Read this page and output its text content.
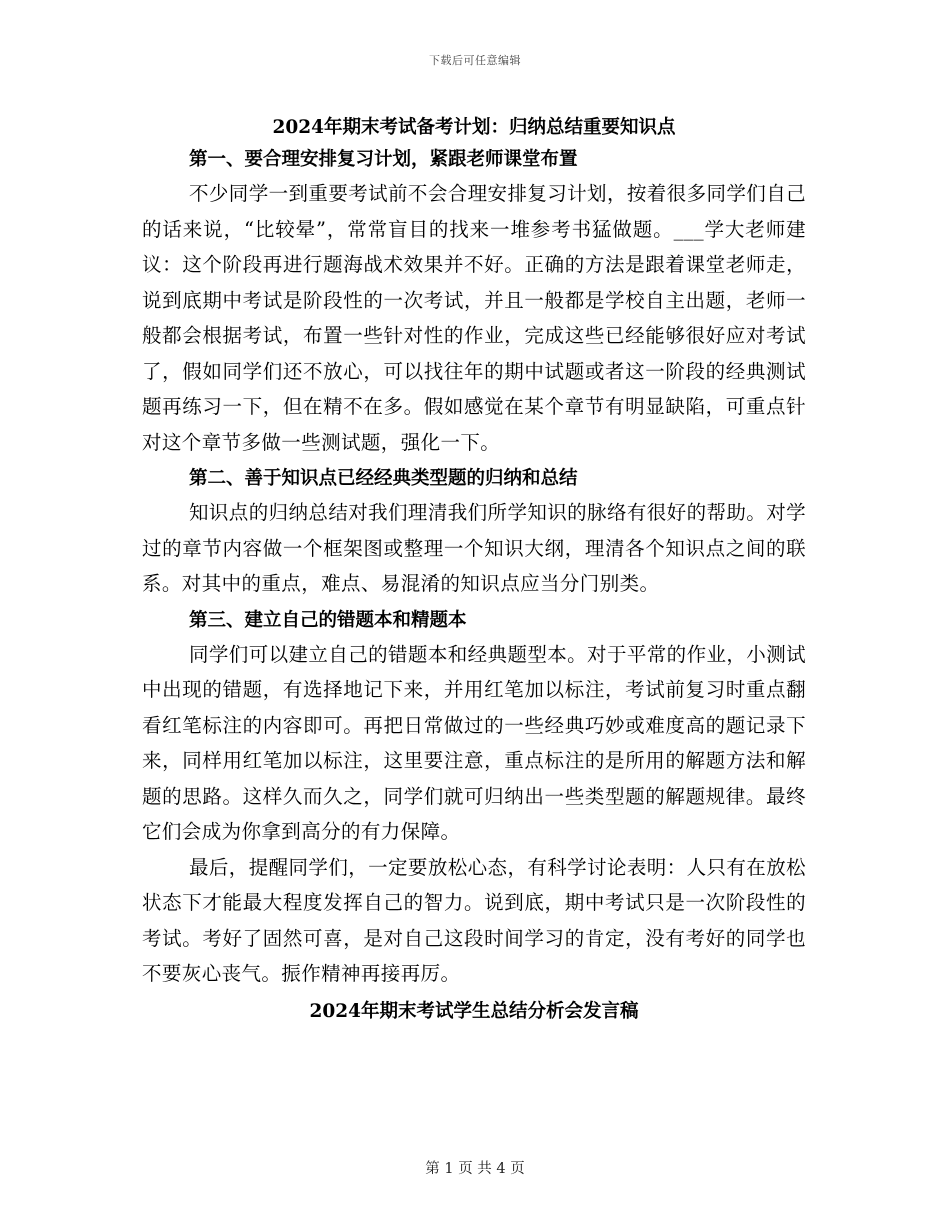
下载后可任意编辑
2024年期末考试备考计划：归纳总结重要知识点
第一、要合理安排复习计划，紧跟老师课堂布置

不少同学一到重要考试前不会合理安排复习计划，按着很多同学们自己的话来说，“比较晕”，常常盲目的找来一堆参考书猛做题。___学大老师建议：这个阶段再进行题海战术效果并不好。正确的方法是跟着课堂老师走，说到底期中考试是阶段性的一次考试，并且一般都是学校自主出题，老师一般都会根据考试，布置一些针对性的作业，完成这些已经能够很好应对考试了，假如同学们还不放心，可以找往年的期中试题或者这一阶段的经典测试题再练习一下，但在精不在多。假如感觉在某个章节有明显缺陷，可重点针对这个章节多做一些测试题，强化一下。

第二、善于知识点已经经典类型题的归纳和总结

知识点的归纳总结对我们理清我们所学知识的脉络有很好的帮助。对学过的章节内容做一个框架图或整理一个知识大纲，理清各个知识点之间的联系。对其中的重点，难点、易混淆的知识点应当分门别类。

第三、建立自己的错题本和精题本

同学们可以建立自己的错题本和经典题型本。对于平常的作业，小测试中出现的错题，有选择地记下来，并用红笔加以标注，考试前复习时重点翻看红笔标注的内容即可。再把日常做过的一些经典巧妙或难度高的题记录下来，同样用红笔加以标注，这里要注意，重点标注的是所用的解题方法和解题的思路。这样久而久之，同学们就可归纳出一些类型题的解题规律。最终它们会成为你拿到高分的有力保障。

最后，提醒同学们，一定要放松心态，有科学讨论表明：人只有在放松状态下才能最大程度发挥自己的智力。说到底，期中考试只是一次阶段性的考试。考好了固然可喜，是对自己这段时间学习的肯定，没有考好的同学也不要灰心丧气。振作精神再接再厉。

2024年期末考试学生总结分析会发言稿
第 1 页 共 4 页
